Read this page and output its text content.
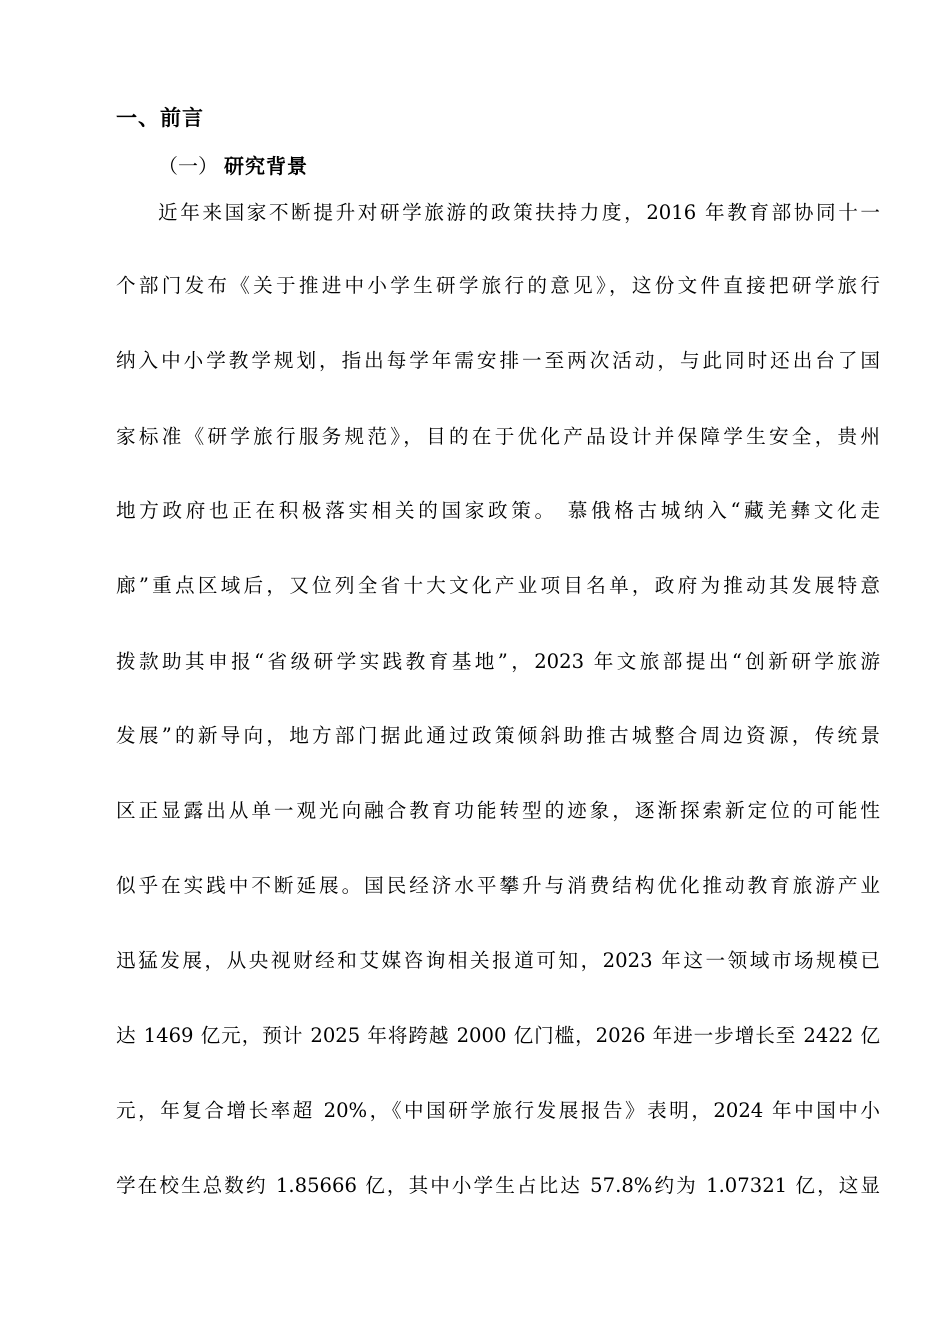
一、前言
（一） 研究背景
近年来国家不断提升对研学旅游的政策扶持力度，2016 年教育部协同十一
个部门发布《关于推进中小学生研学旅行的意见》，这份文件直接把研学旅行
纳入中小学教学规划，指出每学年需安排一至两次活动，与此同时还出台了国
家标准《研学旅行服务规范》，目的在于优化产品设计并保障学生安全，贵州
地方政府也正在积极落实相关的国家政策。 慕俄格古城纳入“藏羌彝文化走
廊”重点区域后，又位列全省十大文化产业项目名单，政府为推动其发展特意
拨款助其申报“省级研学实践教育基地”，2023 年文旅部提出“创新研学旅游
发展”的新导向，地方部门据此通过政策倾斜助推古城整合周边资源，传统景
区正显露出从单一观光向融合教育功能转型的迹象，逐渐探索新定位的可能性
似乎在实践中不断延展。国民经济水平攀升与消费结构优化推动教育旅游产业
迅猛发展，从央视财经和艾媒咨询相关报道可知，2023 年这一领域市场规模已
达 1469 亿元，预计 2025 年将跨越 2000 亿门槛，2026 年进一步增长至 2422 亿
元，年复合增长率超 20%，《中国研学旅行发展报告》表明，2024 年中国中小
学在校生总数约 1.85666 亿，其中小学生占比达 57.8%约为 1.07321 亿，这显
